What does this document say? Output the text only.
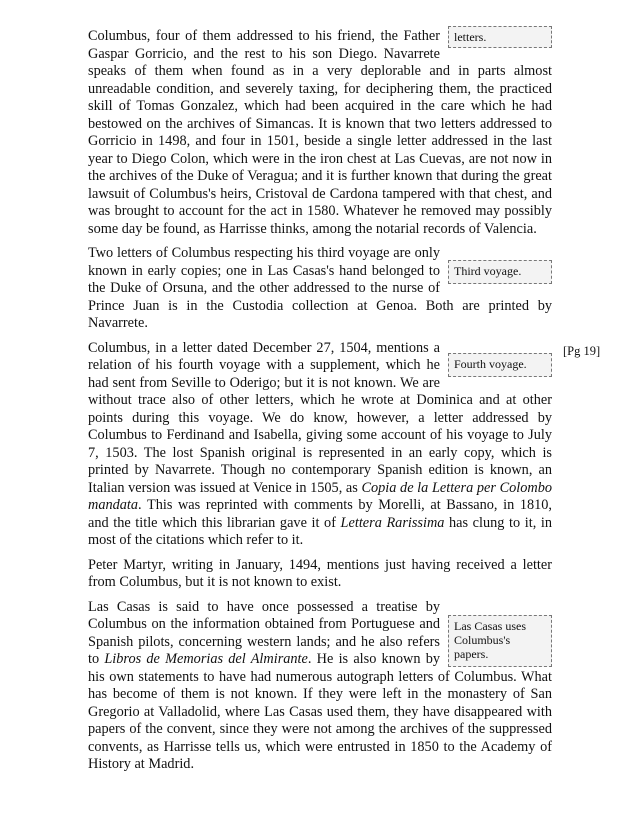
letters.
Columbus, four of them addressed to his friend, the Father Gaspar Gorricio, and the rest to his son Diego. Navarrete speaks of them when found as in a very deplorable and in parts almost unreadable condition, and severely taxing, for deciphering them, the practiced skill of Tomas Gonzalez, which had been acquired in the care which he had bestowed on the archives of Simancas. It is known that two letters addressed to Gorricio in 1498, and four in 1501, beside a single letter addressed in the last year to Diego Colon, which were in the iron chest at Las Cuevas, are not now in the archives of the Duke of Veragua; and it is further known that during the great lawsuit of Columbus's heirs, Cristoval de Cardona tampered with that chest, and was brought to account for the act in 1580. Whatever he removed may possibly some day be found, as Harrisse thinks, among the notarial records of Valencia.

Third voyage.
Two letters of Columbus respecting his third voyage are only known in early copies; one in Las Casas's hand belonged to the Duke of Orsuna, and the other addressed to the nurse of Prince Juan is in the Custodia collection at Genoa. Both are printed by Navarrete.

Fourth voyage.
Columbus, in a letter dated December 27, 1504, mentions a relation of his fourth voyage with a supplement, which he had sent from Seville to Oderigo; but it is not known. We are without trace also of other letters, which he wrote at Dominica and at other points during this voyage. We do know, however, a letter addressed by Columbus to Ferdinand and Isabella, giving some account of his voyage to July 7, 1503. The lost Spanish original is represented in an early copy, which is printed by Navarrete. Though no contemporary Spanish edition is known, an Italian version was issued at Venice in 1505, as Copia de la Lettera per Colombo mandata. This was reprinted with comments by Morelli, at Bassano, in 1810, and the title which this librarian gave it of Lettera Rarissima has clung to it, in most of the citations which refer to it.

Peter Martyr, writing in January, 1494, mentions just having received a letter from Columbus, but it is not known to exist.

Las Casas uses Columbus's papers.
Las Casas is said to have once possessed a treatise by Columbus on the information obtained from Portuguese and Spanish pilots, concerning western lands; and he also refers to Libros de Memorias del Almirante. He is also known by his own statements to have had numerous autograph letters of Columbus. What has become of them is not known. If they were left in the monastery of San Gregorio at Valladolid, where Las Casas used them, they have disappeared with papers of the convent, since they were not among the archives of the suppressed convents, as Harrisse tells us, which were entrusted in 1850 to the Academy of History at Madrid.

[Pg 19]
